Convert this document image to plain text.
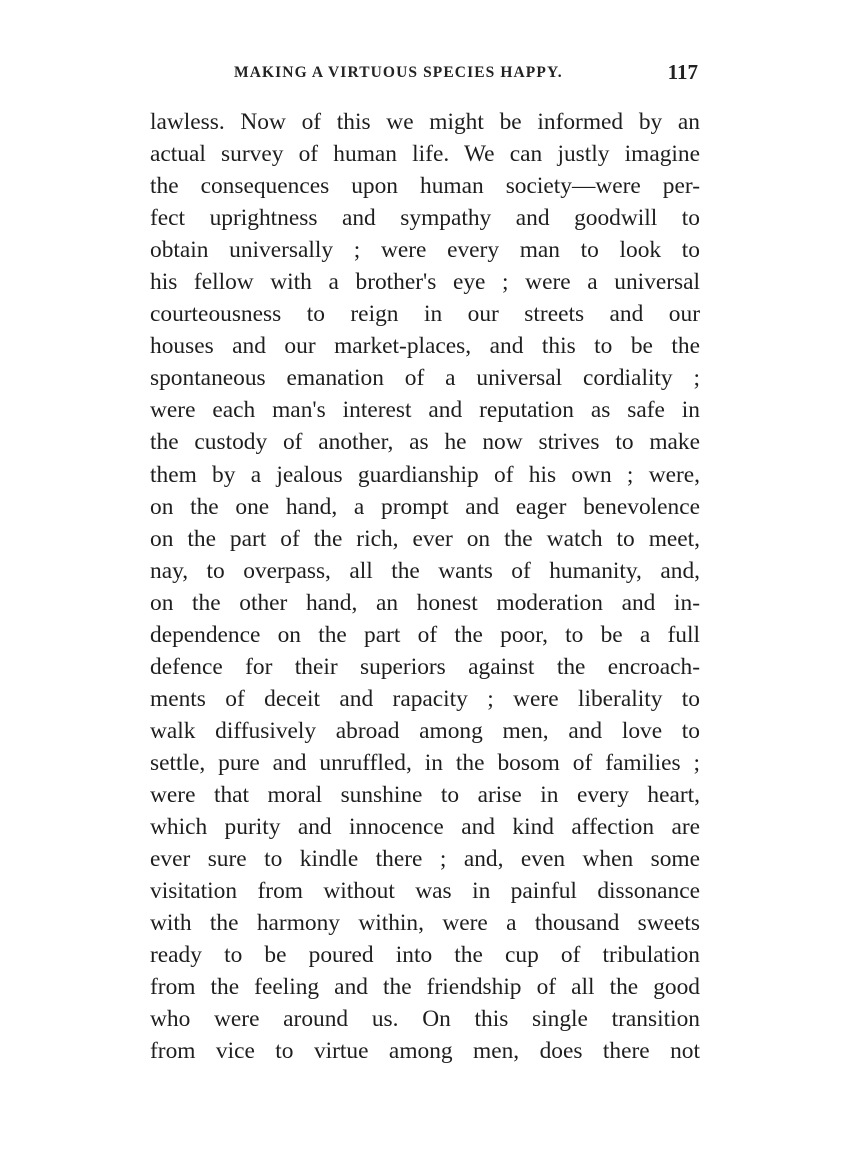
MAKING A VIRTUOUS SPECIES HAPPY.	117
lawless. Now of this we might be informed by an
actual survey of human life. We can justly imagine
the consequences upon human society—were per-
fect uprightness and sympathy and goodwill to
obtain universally ; were every man to look to
his fellow with a brother's eye ; were a universal
courteousness to reign in our streets and our
houses and our market-places, and this to be the
spontaneous emanation of a universal cordiality ;
were each man's interest and reputation as safe in
the custody of another, as he now strives to make
them by a jealous guardianship of his own ; were,
on the one hand, a prompt and eager benevolence
on the part of the rich, ever on the watch to meet,
nay, to overpass, all the wants of humanity, and,
on the other hand, an honest moderation and in-
dependence on the part of the poor, to be a full
defence for their superiors against the encroach-
ments of deceit and rapacity ; were liberality to
walk diffusively abroad among men, and love to
settle, pure and unruffled, in the bosom of families ;
were that moral sunshine to arise in every heart,
which purity and innocence and kind affection are
ever sure to kindle there ; and, even when some
visitation from without was in painful dissonance
with the harmony within, were a thousand sweets
ready to be poured into the cup of tribulation
from the feeling and the friendship of all the good
who were around us. On this single transition
from vice to virtue among men, does there not
